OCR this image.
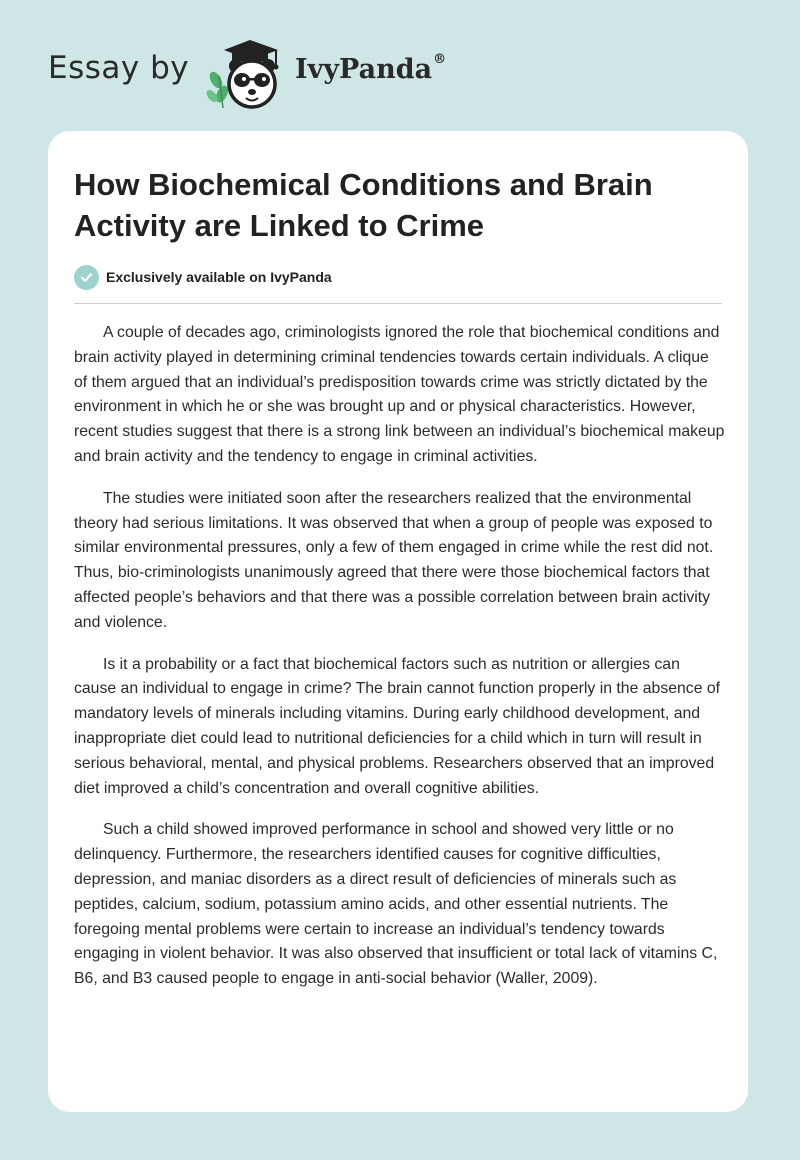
Essay by	IvyPanda®
How Biochemical Conditions and Brain Activity are Linked to Crime
Exclusively available on IvyPanda

A couple of decades ago, criminologists ignored the role that biochemical conditions and brain activity played in determining criminal tendencies towards certain individuals. A clique of them argued that an individual’s predisposition towards crime was strictly dictated by the environment in which he or she was brought up and or physical characteristics. However, recent studies suggest that there is a strong link between an individual’s biochemical makeup and brain activity and the tendency to engage in criminal activities.

The studies were initiated soon after the researchers realized that the environmental theory had serious limitations. It was observed that when a group of people was exposed to similar environmental pressures, only a few of them engaged in crime while the rest did not. Thus, bio-criminologists unanimously agreed that there were those biochemical factors that affected people’s behaviors and that there was a possible correlation between brain activity and violence.

Is it a probability or a fact that biochemical factors such as nutrition or allergies can cause an individual to engage in crime? The brain cannot function properly in the absence of mandatory levels of minerals including vitamins. During early childhood development, and inappropriate diet could lead to nutritional deficiencies for a child which in turn will result in serious behavioral, mental, and physical problems. Researchers observed that an improved diet improved a child’s concentration and overall cognitive abilities.

Such a child showed improved performance in school and showed very little or no delinquency. Furthermore, the researchers identified causes for cognitive difficulties, depression, and maniac disorders as a direct result of deficiencies of minerals such as peptides, calcium, sodium, potassium amino acids, and other essential nutrients. The foregoing mental problems were certain to increase an individual’s tendency towards engaging in violent behavior. It was also observed that insufficient or total lack of vitamins C, B6, and B3 caused people to engage in anti-social behavior (Waller, 2009).
